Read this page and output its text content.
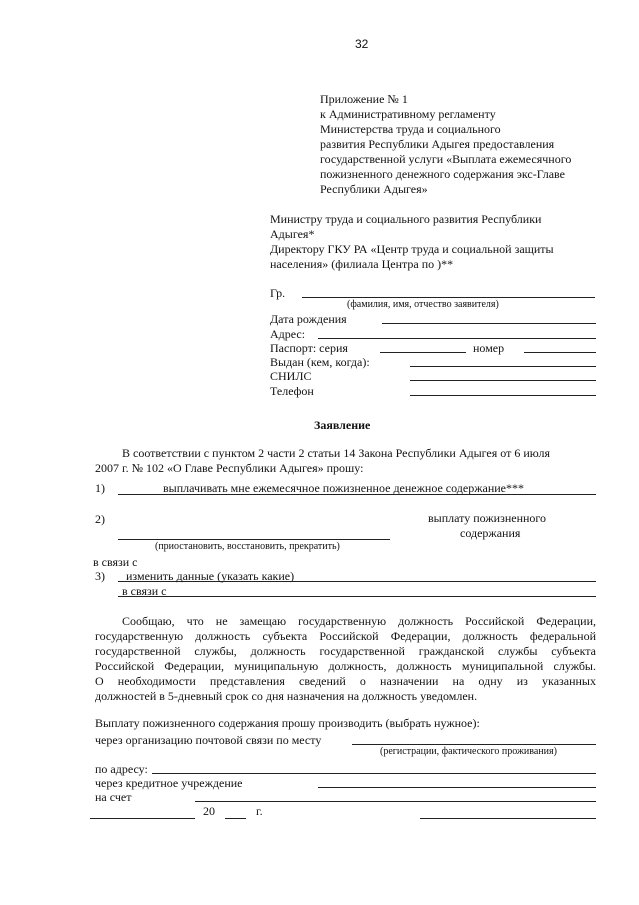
32
Приложение № 1
к Административному регламенту
Министерства труда и социального
развития Республики Адыгея предоставления
государственной услуги «Выплата ежемесячного
пожизненного денежного содержания экс-Главе
Республики Адыгея»
Министру труда и социального развития Республики
Адыгея*
Директору ГКУ РА «Центр труда и социальной защиты
населения» (филиала Центра по )**
Гр.
(фамилия, имя, отчество заявителя)
Дата рождения
Адрес:
Паспорт: серия	номер
Выдан (кем, когда):
СНИЛС
Телефон
Заявление
В соответствии с пунктом 2 части 2 статьи 14 Закона Республики Адыгея от 6 июля
2007 г. № 102 «О Главе Республики Адыгея» прошу:
1)	выплачивать мне ежемесячное пожизненное денежное содержание***
2)	выплату пожизненного
содержания
(приостановить, восстановить, прекратить)
в связи с
3) изменить данные (указать какие)
в связи с
Сообщаю, что не замещаю государственную должность Российской Федерации,
государственную должность субъекта Российской Федерации, должность федеральной
государственной службы, должность государственной гражданской службы субъекта
Российской Федерации, муниципальную должность, должность муниципальной службы.
О необходимости представления сведений о назначении на одну из указанных
должностей в 5-дневный срок со дня назначения на должность уведомлен.
Выплату пожизненного содержания прошу производить (выбрать нужное):
через организацию почтовой связи по месту
(регистрации, фактического проживания)
по адресу:
через кредитное учреждение
на счет
20	г.
